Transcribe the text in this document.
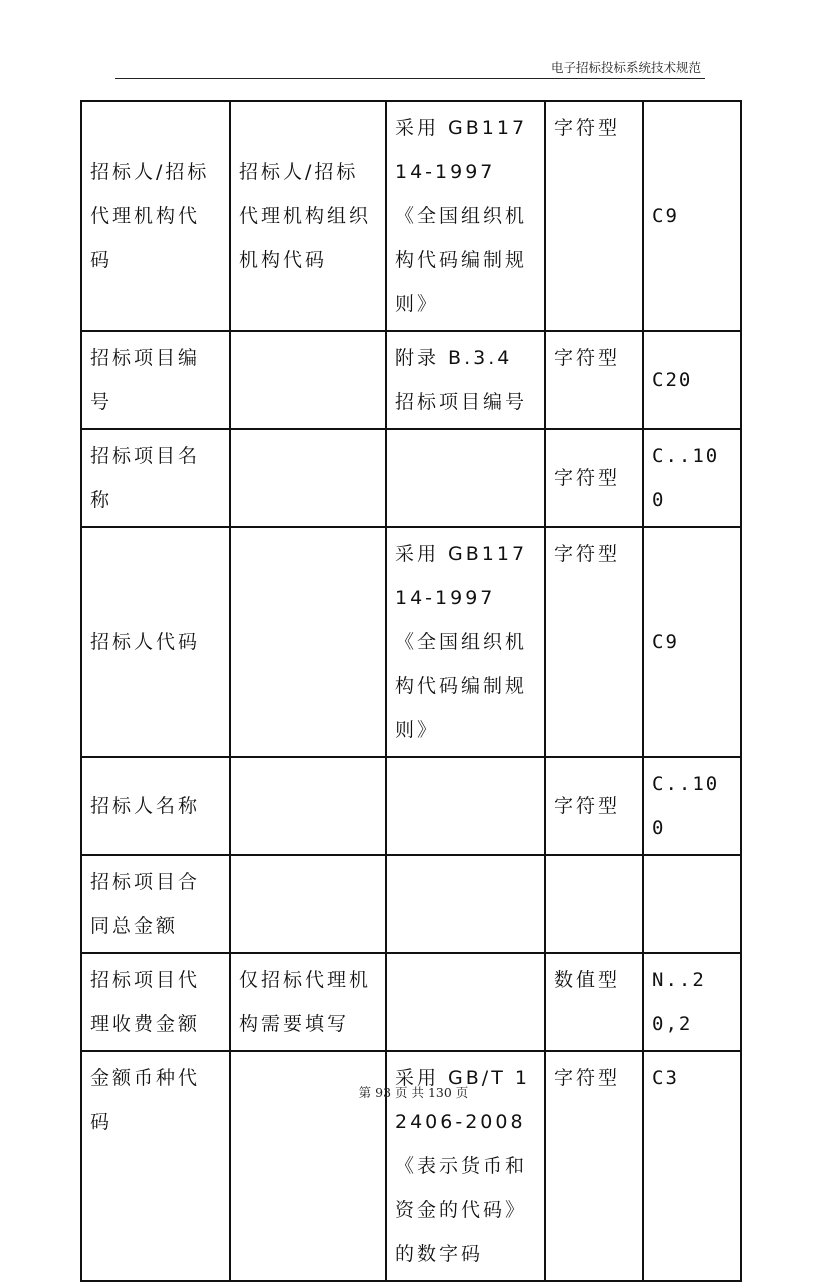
电子招标投标系统技术规范
招标人/招标代理机构代码	招标人/招标代理机构组织机构代码	采用 GB11714-1997《全国组织机构代码编制规则》	字符型	C9
招标项目编号		附录 B.3.4 招标项目编号	字符型	C20
招标项目名称			字符型	C..100
招标人代码		采用 GB11714-1997《全国组织机构代码编制规则》	字符型	C9
招标人名称			字符型	C..100
招标项目合同总金额				
招标项目代理收费金额	仅招标代理机构需要填写		数值型	N..20,2
金额币种代码		采用 GB/T 12406-2008《表示货币和资金的代码》的数字码	字符型	C3
第 93 页 共 130 页
